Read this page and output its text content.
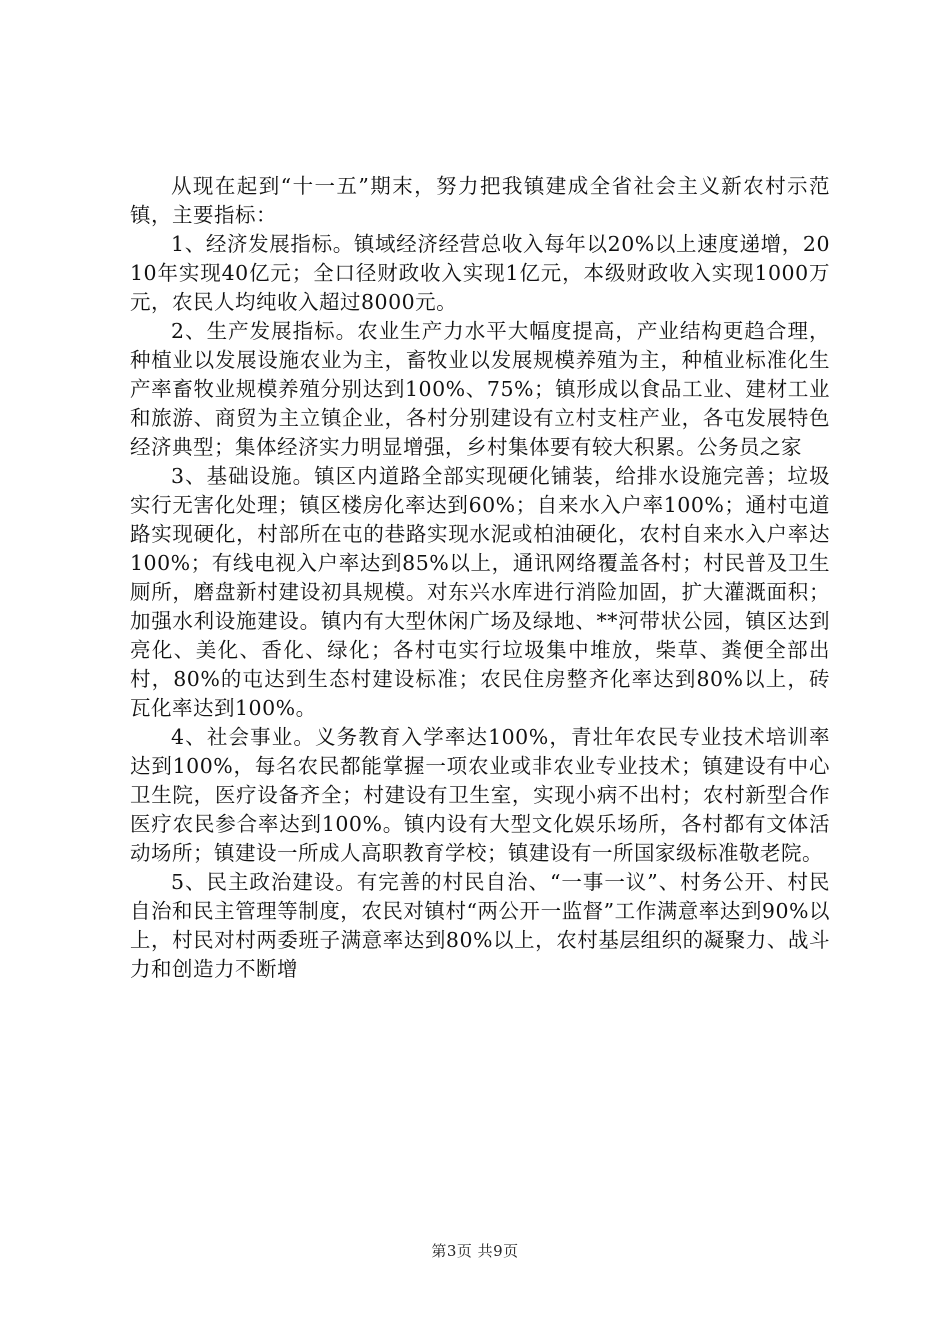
从现在起到“十一五”期末，努力把我镇建成全省社会主义新农村示范镇，主要指标：

1、经济发展指标。镇域经济经营总收入每年以20%以上速度递增，2010年实现40亿元；全口径财政收入实现1亿元，本级财政收入实现1000万元，农民人均纯收入超过8000元。

2、生产发展指标。农业生产力水平大幅度提高，产业结构更趋合理，种植业以发展设施农业为主，畜牧业以发展规模养殖为主，种植业标准化生产率畜牧业规模养殖分别达到100%、75%；镇形成以食品工业、建材工业和旅游、商贸为主立镇企业，各村分别建设有立村支柱产业，各屯发展特色经济典型；集体经济实力明显增强，乡村集体要有较大积累。公务员之家

3、基础设施。镇区内道路全部实现硬化铺装，给排水设施完善；垃圾实行无害化处理；镇区楼房化率达到60%；自来水入户率100%；通村屯道路实现硬化，村部所在屯的巷路实现水泥或柏油硬化，农村自来水入户率达100%；有线电视入户率达到85%以上，通讯网络覆盖各村；村民普及卫生厕所，磨盘新村建设初具规模。对东兴水库进行消险加固，扩大灌溉面积；加强水利设施建设。镇内有大型休闲广场及绿地、**河带状公园，镇区达到亮化、美化、香化、绿化；各村屯实行垃圾集中堆放，柴草、粪便全部出村，80%的屯达到生态村建设标准；农民住房整齐化率达到80%以上，砖瓦化率达到100%。

4、社会事业。义务教育入学率达100%，青壮年农民专业技术培训率达到100%，每名农民都能掌握一项农业或非农业专业技术；镇建设有中心卫生院，医疗设备齐全；村建设有卫生室，实现小病不出村；农村新型合作医疗农民参合率达到100%。镇内设有大型文化娱乐场所，各村都有文体活动场所；镇建设一所成人高职教育学校；镇建设有一所国家级标准敬老院。

5、民主政治建设。有完善的村民自治、“一事一议”、村务公开、村民自治和民主管理等制度，农民对镇村“两公开一监督”工作满意率达到90%以上，村民对村两委班子满意率达到80%以上，农村基层组织的凝聚力、战斗力和创造力不断增

第3页 共9页
